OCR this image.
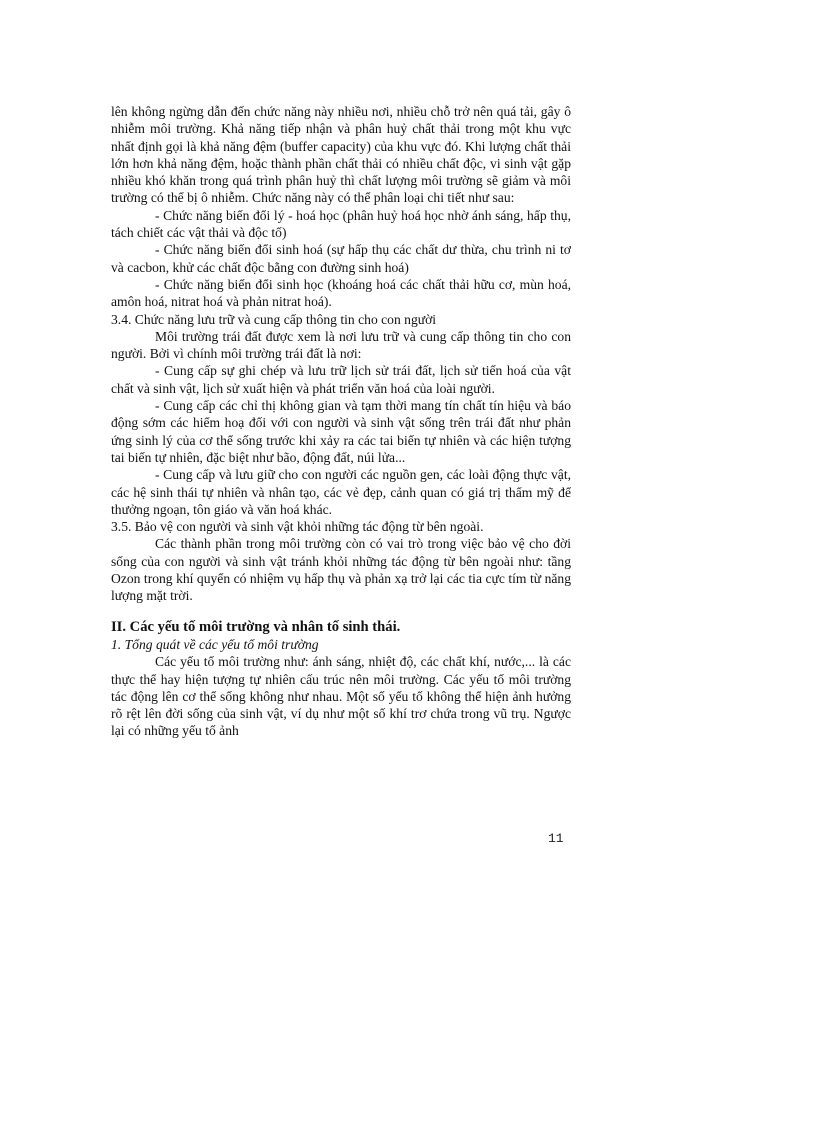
lên không ngừng dẫn đến chức năng này nhiều nơi, nhiều chỗ trở nên quá tải, gây ô nhiễm môi trường. Khả năng tiếp nhận và phân huỷ chất thải trong một khu vực nhất định gọi là khả năng đệm (buffer capacity) của khu vực đó. Khi lượng chất thải lớn hơn khả năng đệm, hoặc thành phần chất thải có nhiều chất độc, vi sinh vật gặp nhiều khó khăn trong quá trình phân huỷ thì chất lượng môi trường sẽ giảm và môi trường có thể bị ô nhiễm. Chức năng này có thể phân loại chi tiết như sau:

- Chức năng biến đổi lý - hoá học (phân huỷ hoá học nhờ ánh sáng, hấp thụ, tách chiết các vật thải và độc tố)

- Chức năng biến đổi sinh hoá (sự hấp thụ các chất dư thừa, chu trình ni tơ và cacbon, khử các chất độc bằng con đường sinh hoá)

- Chức năng biến đổi sinh học (khoáng hoá các chất thải hữu cơ, mùn hoá, amôn hoá, nitrat hoá và phản nitrat hoá).

3.4. Chức năng lưu trữ và cung cấp thông tin cho con người

Môi trường trái đất được xem là nơi lưu trữ và cung cấp thông tin cho con người. Bởi vì chính môi trường trái đất là nơi:

- Cung cấp sự ghi chép và lưu trữ lịch sử trái đất, lịch sử tiến hoá của vật chất và sinh vật, lịch sử xuất hiện và phát triển văn hoá của loài người.

- Cung cấp các chỉ thị không gian và tạm thời mang tín chất tín hiệu và báo động sớm các hiểm hoạ đối với con người và sinh vật sống trên trái đất như phản ứng sinh lý của cơ thể sống trước khi xảy ra các tai biến tự nhiên và các hiện tượng tai biến tự nhiên, đặc biệt như bão, động đất, núi lửa...

- Cung cấp và lưu giữ cho con người các nguồn gen, các loài động thực vật, các hệ sinh thái tự nhiên và nhân tạo, các vẻ đẹp, cảnh quan có giá trị thẩm mỹ để thưởng ngoạn, tôn giáo và văn hoá khác.

3.5. Bảo vệ con người và sinh vật khỏi những tác động từ bên ngoài.

Các thành phần trong môi trường còn có vai trò trong việc bảo vệ cho đời sống của con người và sinh vật tránh khỏi những tác động từ bên ngoài như: tầng Ozon trong khí quyển có nhiệm vụ hấp thụ và phản xạ trở lại các tia cực tím từ năng lượng mặt trời.

II. Các yếu tố môi trường và nhân tố sinh thái.

1. Tổng quát về các yếu tố môi trường

Các yếu tố môi trường như: ánh sáng, nhiệt độ, các chất khí, nước,... là các thực thể hay hiện tượng tự nhiên cấu trúc nên môi trường. Các yếu tố môi trường tác động lên cơ thể sống không như nhau. Một số yếu tố không thể hiện ảnh hưởng rõ rệt lên đời sống của sinh vật, ví dụ như một số khí trơ chứa trong vũ trụ. Ngược lại có những yếu tố ảnh

11
